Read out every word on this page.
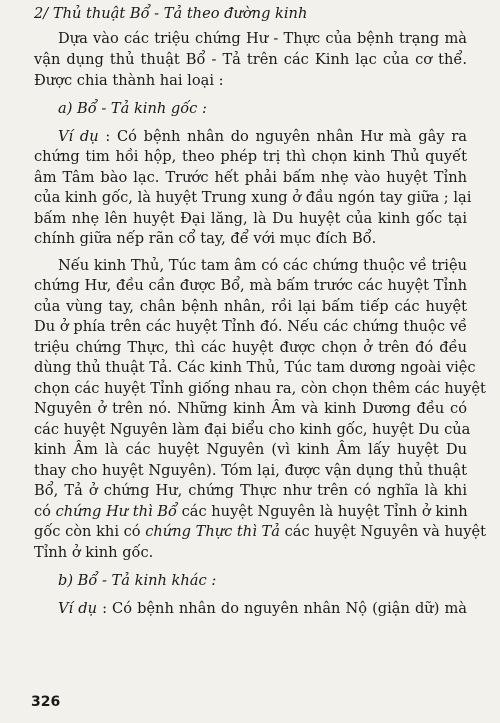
2/ Thủ thuật Bổ - Tả theo đường kinh
Dựa vào các triệu chứng Hư - Thực của bệnh trạng mà
vận dụng thủ thuật Bổ - Tả trên các Kinh lạc của cơ thể.
Được chia thành hai loại :
a) Bổ - Tả kinh gốc :
Ví dụ : Có bệnh nhân do nguyên nhân Hư mà gây ra
chứng tim hồi hộp, theo phép trị thì chọn kinh Thủ quyết
âm Tâm bào lạc. Trước hết phải bấm nhẹ vào huyệt Tỉnh
của kinh gốc, là huyệt Trung xung ở đầu ngón tay giữa ; lại
bấm nhẹ lên huyệt Đại lăng, là Du huyệt của kinh gốc tại
chính giữa nếp rãn cổ tay, để với mục đích Bổ.
Nếu kinh Thủ, Túc tam âm có các chứng thuộc về triệu
chứng Hư, đều cần được Bổ, mà bấm trước các huyệt Tỉnh
của vùng tay, chân bệnh nhân, rồi lại bấm tiếp các huyệt
Du ở phía trên các huyệt Tỉnh đó. Nếu các chứng thuộc về
triệu chứng Thực, thì các huyệt được chọn ở trên đó đều
dùng thủ thuật Tả. Các kinh Thủ, Túc tam dương ngoài việc
chọn các huyệt Tỉnh giống nhau ra, còn chọn thêm các huyệt
Nguyên ở trên nó. Những kinh Âm và kinh Dương đều có
các huyệt Nguyên làm đại biểu cho kinh gốc, huyệt Du của
kinh Âm là các huyệt Nguyên (vì kinh Âm lấy huyệt Du
thay cho huyệt Nguyên). Tóm lại, được vận dụng thủ thuật
Bổ, Tả ở chứng Hư, chứng Thực như trên có nghĩa là khi
có chứng Hư thì Bổ các huyệt Nguyên là huyệt Tỉnh ở kinh
gốc còn khi có chứng Thực thì Tả các huyệt Nguyên và huyệt
Tỉnh ở kinh gốc.
b) Bổ - Tả kinh khác :
Ví dụ : Có bệnh nhân do nguyên nhân Nộ (giận dữ) mà
326
